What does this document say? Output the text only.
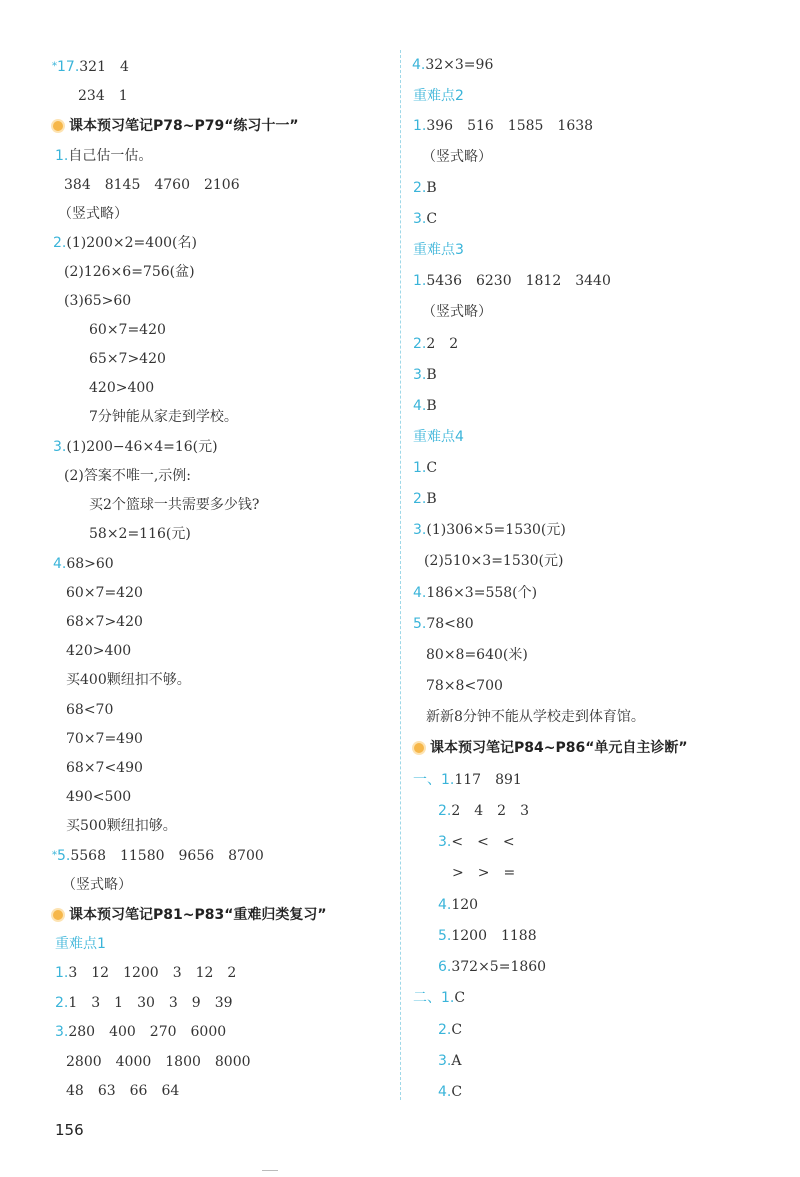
*17.321　4
234　1
课本预习笔记P78~P79“练习十一”
1.自己估一估。
384　8145　4760　2106
（竖式略）
2.(1)200×2=400(名)
(2)126×6=756(盆)
(3)65>60
60×7=420
65×7>420
420>400
7分钟能从家走到学校。
3.(1)200−46×4=16(元)
(2)答案不唯一,示例:
买2个篮球一共需要多少钱?
58×2=116(元)
4.68>60
60×7=420
68×7>420
420>400
买400颗纽扣不够。
68<70
70×7=490
68×7<490
490<500
买500颗纽扣够。
*5.5568　11580　9656　8700
（竖式略）
课本预习笔记P81~P83“重难归类复习”
重难点1
1.3　12　1200　3　12　2
2.1　3　1　30　3　9　39
3.280　400　270　6000
2800　4000　1800　8000
48　63　66　64
4.32×3=96
重难点2
1.396　516　1585　1638
（竖式略）
2.B
3.C
重难点3
1.5436　6230　1812　3440
（竖式略）
2.2　2
3.B
4.B
重难点4
1.C
2.B
3.(1)306×5=1530(元)
(2)510×3=1530(元)
4.186×3=558(个)
5.78<80
80×8=640(米)
78×8<700
新新8分钟不能从学校走到体育馆。
课本预习笔记P84~P86“单元自主诊断”
一、1.117　891
2.2　4　2　3
3.<　<　<
>　>　=
4.120
5.1200　1188
6.372×5=1860
二、1.C
2.C
3.A
4.C
156
